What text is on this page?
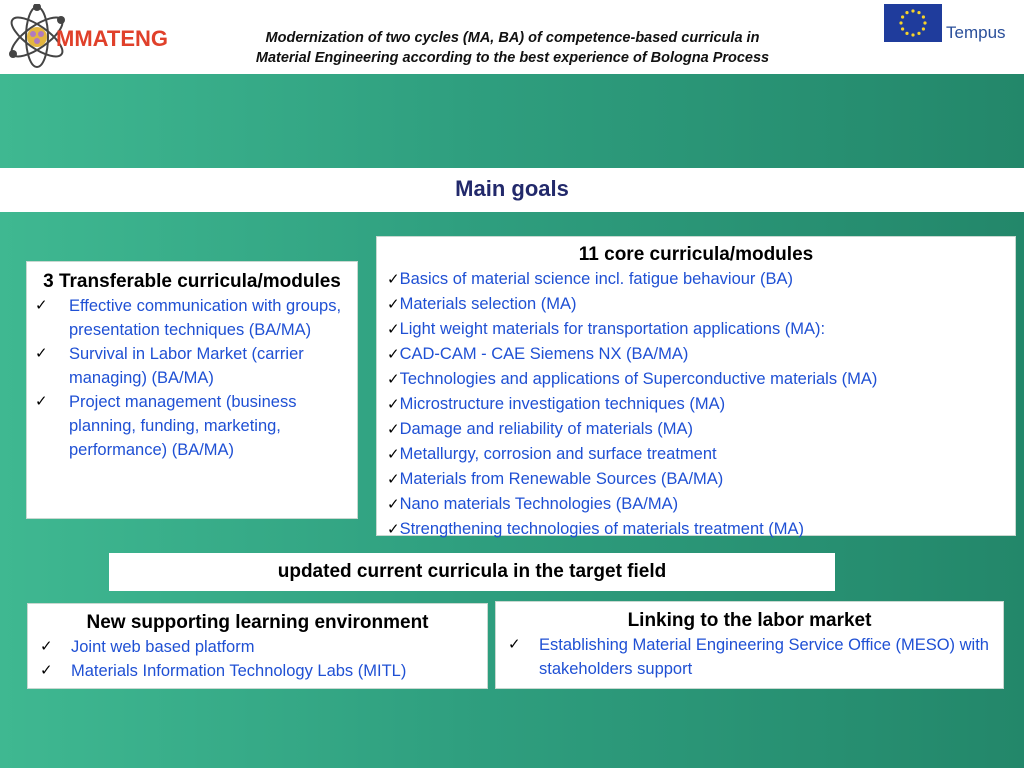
MMATENG	Modernization of two cycles (MA, BA) of competence-based curricula in
Material Engineering according to the best experience of Bologna Process
Tempus
Main goals
3 Transferable curricula/modules
✓ Effective communication with groups, presentation techniques (BA/MA)
✓ Survival in Labor Market (carrier managing) (BA/MA)
✓ Project management (business planning, funding, marketing, performance) (BA/MA)
11 core curricula/modules
✓Basics of material science incl. fatigue behaviour (BA)
✓Materials selection (MA)
✓Light weight materials for transportation applications (MA):
✓CAD-CAM - CAE Siemens NX (BA/MA)
✓Technologies and applications of Superconductive materials (MA)
✓Microstructure investigation techniques (MA)
✓Damage and reliability of materials (MA)
✓Metallurgy, corrosion and surface treatment
✓Materials from Renewable Sources (BA/MA)
✓Nano materials Technologies (BA/MA)
✓Strengthening technologies of materials treatment (MA)
updated current curricula in the target field
New supporting learning environment
✓ Joint web based platform
✓ Materials Information Technology Labs (MITL)
Linking to the labor market
✓ Establishing Material Engineering Service Office (MESO) with stakeholders support
